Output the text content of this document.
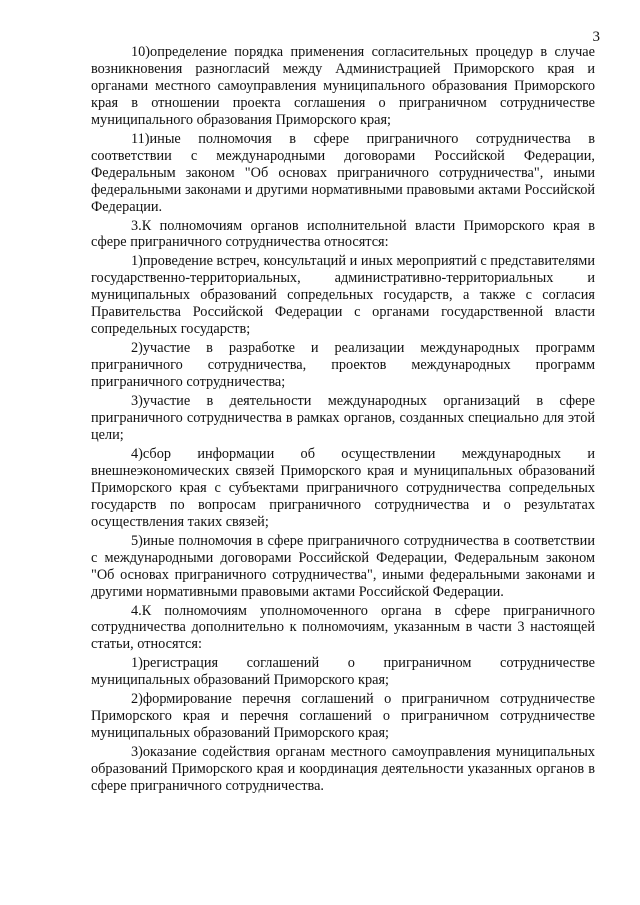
3

10)определение порядка применения согласительных процедур в случае возникновения разногласий между Администрацией Приморского края и органами местного самоуправления муниципального образования Приморского края в отношении проекта соглашения о приграничном сотрудничестве муниципального образования Приморского края;

11)иные полномочия в сфере приграничного сотрудничества в соответствии с международными договорами Российской Федерации, Федеральным законом "Об основах приграничного сотрудничества", иными федеральными законами и другими нормативными правовыми актами Российской Федерации.

3.К полномочиям органов исполнительной власти Приморского края в сфере приграничного сотрудничества относятся:

1)проведение встреч, консультаций и иных мероприятий с представителями государственно-территориальных, административно-территориальных и муниципальных образований сопредельных государств, а также с согласия Правительства Российской Федерации с органами государственной власти сопредельных государств;

2)участие в разработке и реализации международных программ приграничного сотрудничества, проектов международных программ приграничного сотрудничества;

3)участие в деятельности международных организаций в сфере приграничного сотрудничества в рамках органов, созданных специально для этой цели;

4)сбор информации об осуществлении международных и внешнеэкономических связей Приморского края и муниципальных образований Приморского края с субъектами приграничного сотрудничества сопредельных государств по вопросам приграничного сотрудничества и о результатах осуществления таких связей;

5)иные полномочия в сфере приграничного сотрудничества в соответствии с международными договорами Российской Федерации, Федеральным законом "Об основах приграничного сотрудничества", иными федеральными законами и другими нормативными правовыми актами Российской Федерации.

4.К полномочиям уполномоченного органа в сфере приграничного сотрудничества дополнительно к полномочиям, указанным в части 3 настоящей статьи, относятся:

1)регистрация соглашений о приграничном сотрудничестве муниципальных образований Приморского края;

2)формирование перечня соглашений о приграничном сотрудничестве Приморского края и перечня соглашений о приграничном сотрудничестве муниципальных образований Приморского края;

3)оказание содействия органам местного самоуправления муниципальных образований Приморского края и координация деятельности указанных органов в сфере приграничного сотрудничества.
